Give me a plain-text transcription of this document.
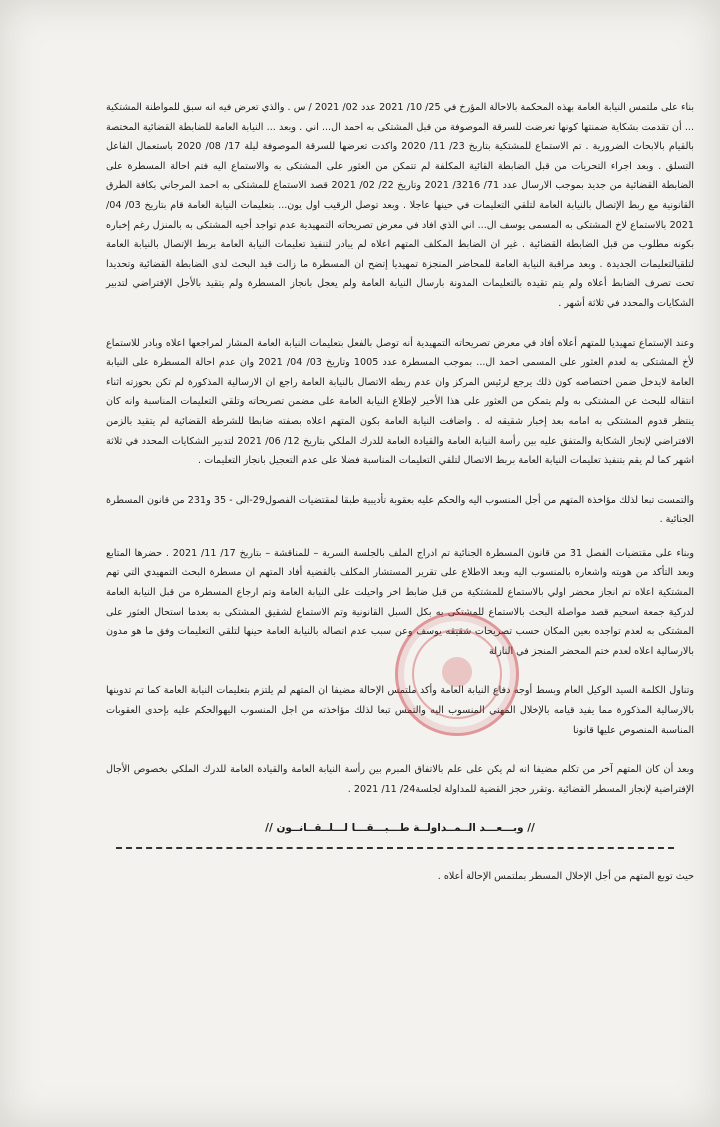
بناء على ملتمس النيابة العامة بهذه المحكمة بالاحالة المؤرخ في 25/ 10/ 2021 عدد 02/ 2021 / س . والذي تعرض فيه انه سبق للمواطنة المشتكية ... أن تقدمت بشكاية ضمنتها كونها تعرضت للسرقة الموصوفة من قبل المشتكى به احمد ال... اني . وبعد ... النيابة العامة للضابطة القضائية المختصة بالقيام بالابحاث الضرورية . تم الاستماع للمشتكية بتاريخ 23/ 11/ 2020 واكدت تعرضها للسرقة الموصوفة ليلة 17/ 08/ 2020 باستعمال الفاعل التسلق . وبعد اجراء التحريات من قبل الضابطة القائية المكلفة لم تتمكن من العثور على المشتكى به والاستماع اليه فتم احالة المسطرة على الضابطة القضائية من جديد بموجب الارسال عدد 71/ 3216/ 2021 وتاريخ 22/ 02/ 2021 قصد الاستماع للمشتكى به احمد المرجاني بكافة الطرق القانونية مع ربط الإتصال بالنيابة العامة لتلقي التعليمات في حينها عاجلا . وبعد توصل الرقيب اول يون... بتعليمات النيابة العامة قام بتاريخ 03/ 04/ 2021 بالاستماع لاخ المشتكى به المسمى يوسف ال... اني الذي افاد في معرض تصريحاته التمهيدية عدم تواجد أخيه المشتكى به بالمنزل رغم إخباره بكونه مطلوب من قبل الضابطة القضائية . غير ان الضابط المكلف المتهم اعلاه لم يبادر لتنفيذ تعليمات النيابة العامة بربط الإتصال بالنيابة العامة لتلقيالتعليمات الجديدة . وبعد مراقبة النيابة العامة للمحاضر المنجزة تمهيديا إتضح ان المسطرة ما زالت قيد البحث لدى الضابطة القضائية وتحديدا تحت تصرف الضابط أعلاه ولم يتم تقيده بالتعليمات المدونة بارسال النيابة العامة ولم يعجل بانجاز المسطرة ولم يتقيد بالأجل الإفتراضي لتدبير الشكايات والمحدد في ثلاثة أشهر .

وعند الإستماع تمهيديا للمتهم أعلاه أفاد في معرض تصريحاته التمهيدية أنه توصل بالفعل بتعليمات النيابة العامة المشار لمراجعها اعلاه وبادر للاستماع لأخ المشتكى به لعدم العثور على المسمى احمد ال... بموجب المسطرة عدد 1005 وتاريخ 03/ 04/ 2021 وان عدم احالة المسطرة على النيابة العامة لايدخل ضمن اختصاصه كون ذلك يرجع لرئيس المركز وان عدم ربطه الاتصال بالنيابة العامة راجع ان الارسالية المذكورة لم تكن بحوزته اثناء انتقاله للبحث عن المشتكى به ولم يتمكن من العثور على هذا الأخير لإطلاع النيابة العامة على مضمن تصريحاته وتلقي التعليمات المناسبة وانه كان ينتظر قدوم المشتكى به امامه بعد إخبار شقيقه له . واضافت النيابة العامة بكون المتهم اعلاه بصفته ضابطا للشرطة القضائية لم يتقيد بالزمن الافتراضي لإنجاز الشكاية والمتفق عليه بين رأسة النيابة العامة والقيادة العامة للدرك الملكي بتاريخ 12/ 06/ 2021 لتدبير الشكايات المحدد في ثلاثة اشهر كما لم يقم بتنفيذ تعليمات النيابة العامة بربط الاتصال لتلقي التعليمات المناسبة فضلا على عدم التعجيل بانجاز التعليمات .

والتمست تبعا لذلك مؤاخذة المتهم من أجل المنسوب اليه والحكم عليه بعقوبة تأديبية طبقا لمقتضيات الفصول29-الى - 35 و231 من قانون المسطرة الجنائية .

وبناء على مقتضيات الفصل 31 من قانون المسطرة الجنائية تم ادراج الملف بالجلسة السرية – للمناقشة – بتاريخ 17/ 11/ 2021 . حضرها المتابع وبعد التأكد من هويته واشعاره بالمنسوب اليه وبعد الاطلاع على تقرير المستشار المكلف بالقضية أفاد المتهم ان مسطرة البحث التمهيدي التي تهم المشتكية اعلاه تم انجاز محضر اولي بالاستماع للمشتكية من قبل ضابط اخر واحيلت على النيابة العامة وتم ارجاع المسطرة من قبل النيابة العامة لدركية جمعة اسحيم قصد مواصلة البحث بالاستماع للمشتكى به بكل السبل القانونية وتم الاستماع لشقيق المشتكى به بعدما استحال العثور على المشتكى به لعدم تواجده بعين المكان حسب تصريحات شقيقه يوسف وعن سبب عدم اتصاله بالنيابة العامة حينها لتلقي التعليمات وفق ما هو مدون بالارسالية اعلاه لعدم ختم المحضر المنجز في النازلة

وتناول الكلمة السيد الوكيل العام وبسط أوجه دفاع النيابة العامة وأكد ملتمس الإحالة مضيفا ان المتهم لم يلتزم بتعليمات النيابة العامة كما تم تدوينها بالارسالية المذكورة مما يفيد قيامه بالإخلال المهني المنسوب اليه والتمس تبعا لذلك مؤاخذته من اجل المنسوب اليهوالحكم عليه بإحدى العقوبات المناسبة المنصوص عليها قانونا

وبعد أن كان المتهم آخر من تكلم مضيفا انه لم يكن على علم بالاتفاق المبرم بين رأسة النيابة العامة والقيادة العامة للدرك الملكي بخصوص الأجال الإفتراضية لإنجاز المسطر القضائية .وتقرر حجز القضية للمداولة لجلسة24/ 11/ 2021 .

// وبـــعـــد الــمــداولــة طـــبـــقـــا لـــلــقــانــون //

حيث توبع المتهم من أجل الإخلال المسطر بملتمس الإحالة أعلاه .
